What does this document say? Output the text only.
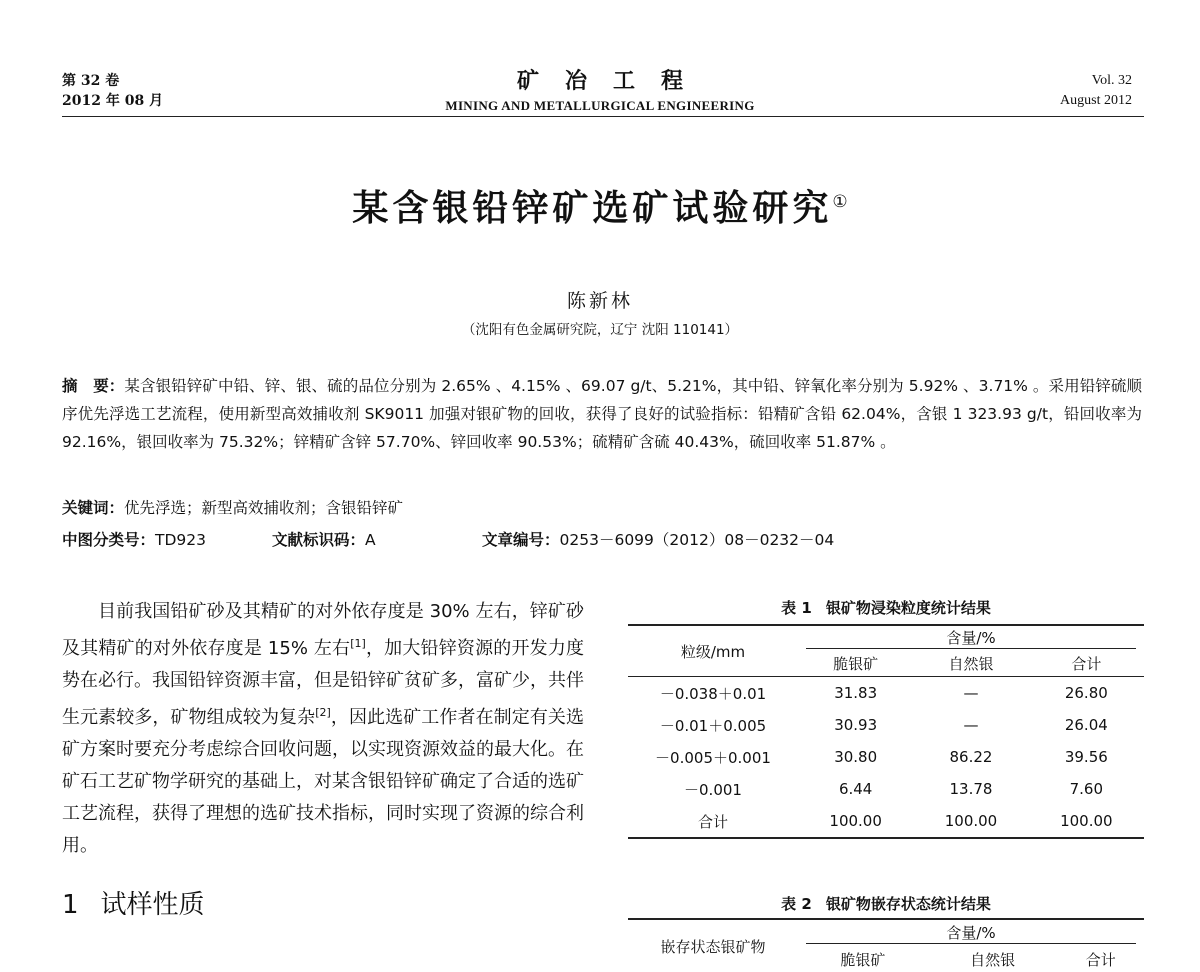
第 32 卷
2012 年 08 月
矿冶工程
MINING AND METALLURGICAL ENGINEERING
Vol. 32
August 2012
某含银铅锌矿选矿试验研究①
陈新林
（沈阳有色金属研究院，辽宁 沈阳 110141）
摘　要：某含银铅锌矿中铅、锌、银、硫的品位分别为 2.65% 、4.15% 、69.07 g/t、5.21%，其中铅、锌氧化率分别为 5.92% 、3.71% 。采用铅锌硫顺序优先浮选工艺流程，使用新型高效捕收剂 SK9011 加强对银矿物的回收，获得了良好的试验指标：铅精矿含铅 62.04%，含银 1 323.93 g/t，铅回收率为 92.16%，银回收率为 75.32%；锌精矿含锌 57.70%、锌回收率 90.53%；硫精矿含硫 40.43%，硫回收率 51.87% 。
关键词：优先浮选；新型高效捕收剂；含银铅锌矿
中图分类号：TD923	文献标识码：A	文章编号：0253－6099（2012）08－0232－04

目前我国铅矿砂及其精矿的对外依存度是 30% 左右，锌矿砂及其精矿的对外依存度是 15% 左右[1]，加大铅锌资源的开发力度势在必行。我国铅锌资源丰富，但是铅锌矿贫矿多，富矿少，共伴生元素较多，矿物组成较为复杂[2]，因此选矿工作者在制定有关选矿方案时要充分考虑综合回收问题，以实现资源效益的最大化。在矿石工艺矿物学研究的基础上，对某含银铅锌矿确定了合适的选矿工艺流程，获得了理想的选矿技术指标，同时实现了资源的综合利用。

1 试样性质
表 1 银矿物浸染粒度统计结果
粒级/mm	含量/%		

	脆银矿	自然银	合计
－0.038＋0.01	31.83	—	26.80
－0.01＋0.005	30.93	—	26.04
－0.005＋0.001	30.80	86.22	39.56
－0.001	6.44	13.78	7.60
合计	100.00	100.00	100.00
表 2 银矿物嵌存状态统计结果
嵌存状态银矿物	含量/%		

	脆银矿	自然银	合计
